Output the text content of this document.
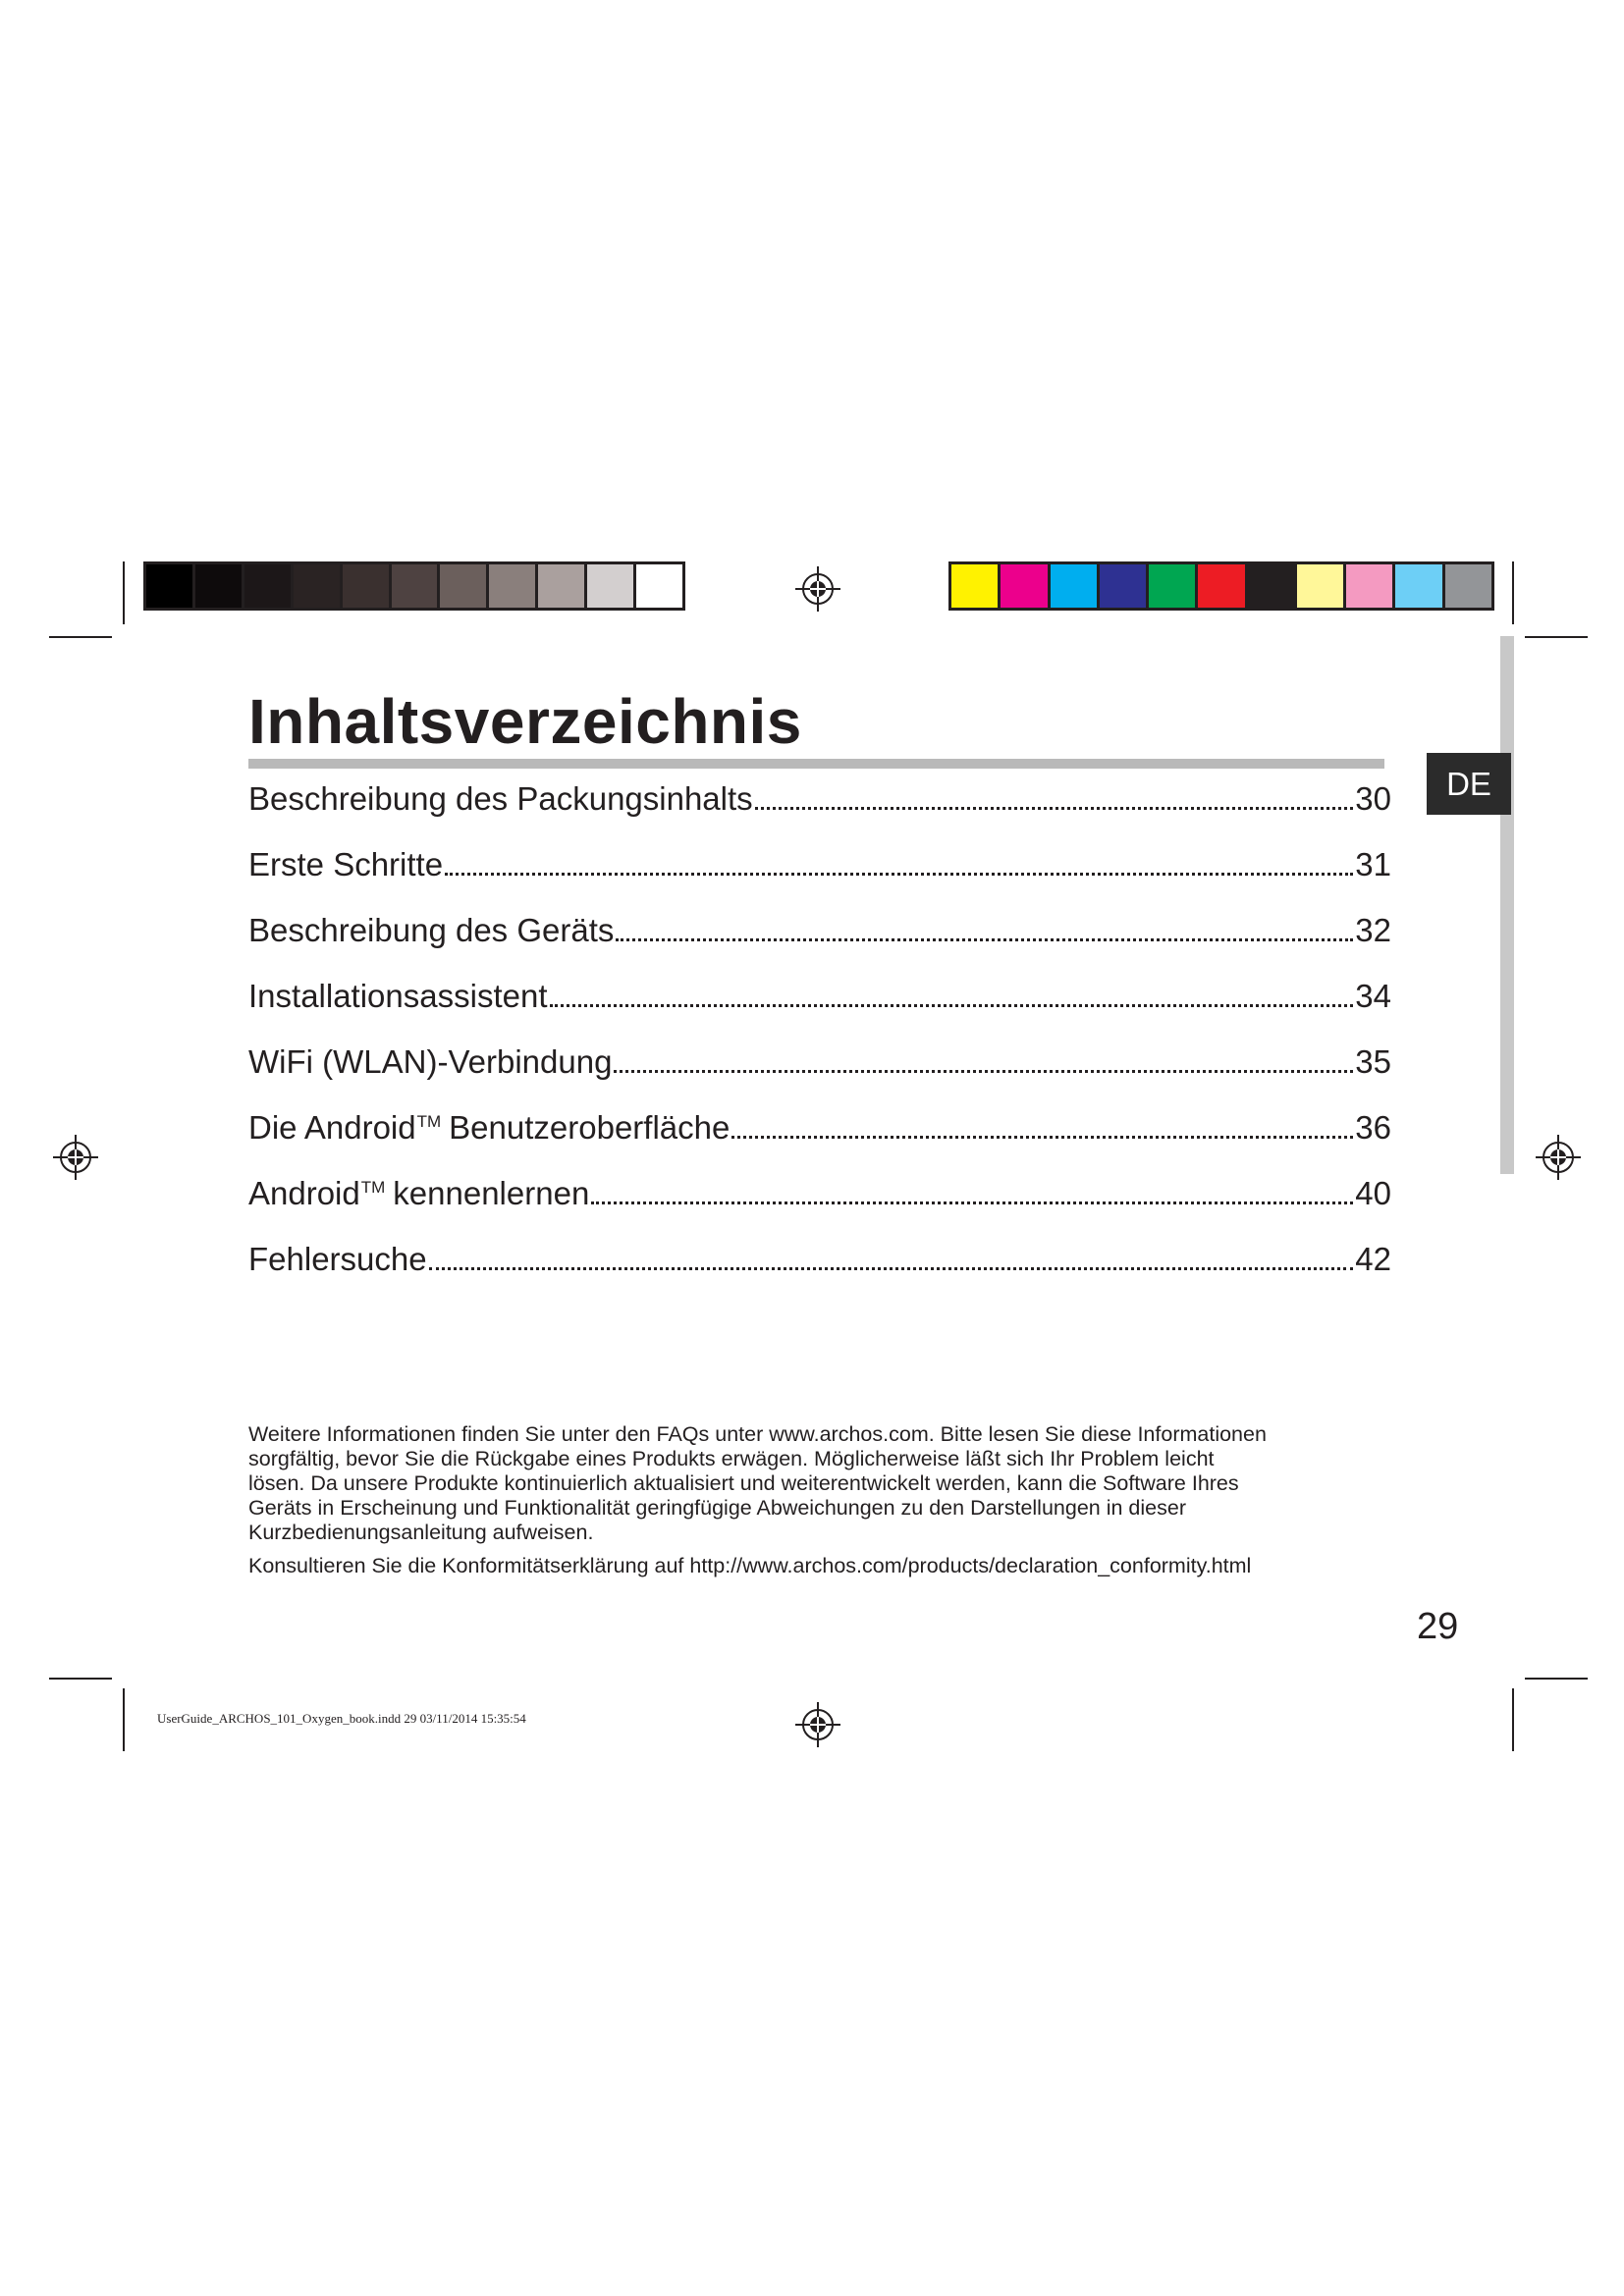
DE
Inhaltsverzeichnis
Beschreibung des Packungsinhalts	30
Erste Schritte	31
Beschreibung des Geräts	32
Installationsassistent	34
WiFi (WLAN)-Verbindung	35
Die Android™ Benutzeroberfläche	36
Android™ kennenlernen	40
Fehlersuche	42
Weitere Informationen finden Sie unter den FAQs unter www.archos.com. Bitte lesen Sie diese Informationen
sorgfältig, bevor Sie die Rückgabe eines Produkts erwägen. Möglicherweise läßt sich Ihr Problem leicht
lösen. Da unsere Produkte kontinuierlich aktualisiert und weiterentwickelt werden, kann die Software Ihres
Geräts in Erscheinung und Funktionalität geringfügige Abweichungen zu den Darstellungen in dieser
Kurzbedienungsanleitung aufweisen.
Konsultieren Sie die Konformitätserklärung auf http://www.archos.com/products/declaration_conformity.html
29
UserGuide_ARCHOS_101_Oxygen_book.indd 29 03/11/2014 15:35:54
